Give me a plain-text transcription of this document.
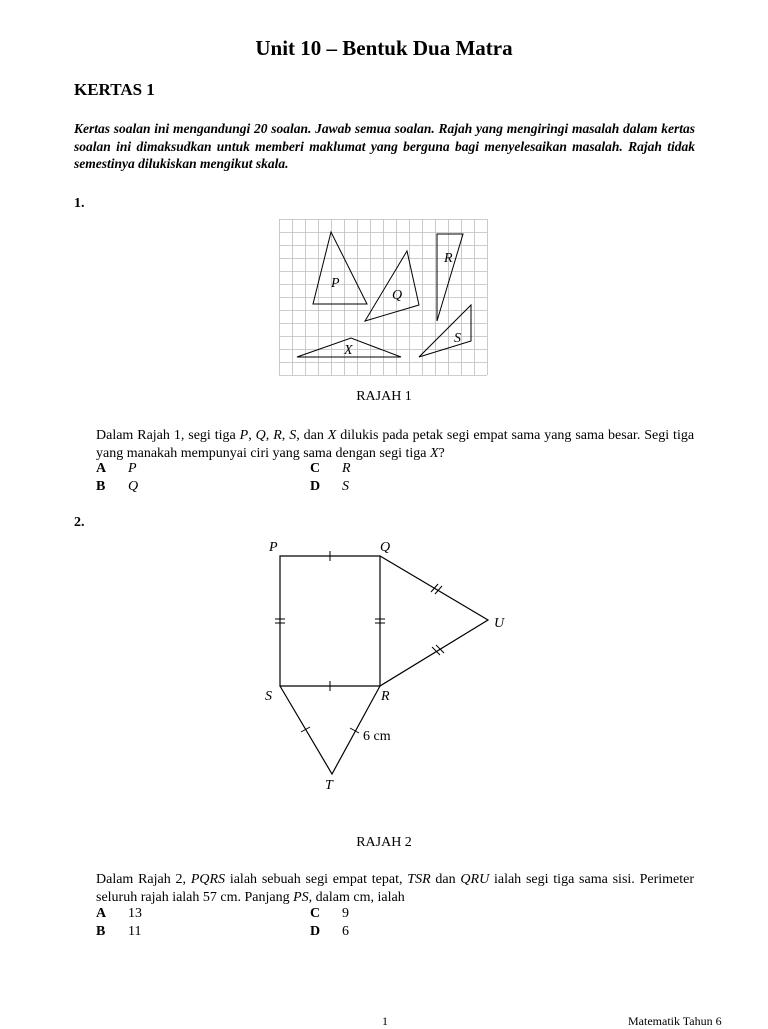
Unit 10 – Bentuk Dua Matra
KERTAS 1
Kertas soalan ini mengandungi 20 soalan. Jawab semua soalan. Rajah yang mengiringi masalah dalam kertas soalan ini dimaksudkan untuk memberi maklumat yang berguna bagi menyelesaikan masalah. Rajah tidak semestinya dilukiskan mengikut skala.
1.
P
Q
R
S
X
RAJAH 1
Dalam Rajah 1, segi tiga P, Q, R, S, dan X dilukis pada petak segi empat sama yang sama besar. Segi tiga yang manakah mempunyai ciri yang sama dengan segi tiga X?
A P
B Q
C R
D S
2.
P	Q
R
S
T
U
6 cm
RAJAH 2
Dalam Rajah 2, PQRS ialah sebuah segi empat tepat, TSR dan QRU ialah segi tiga sama sisi. Perimeter seluruh rajah ialah 57 cm. Panjang PS, dalam cm, ialah
A 13
B 11
C 9
D 6
1	Matematik Tahun 6
